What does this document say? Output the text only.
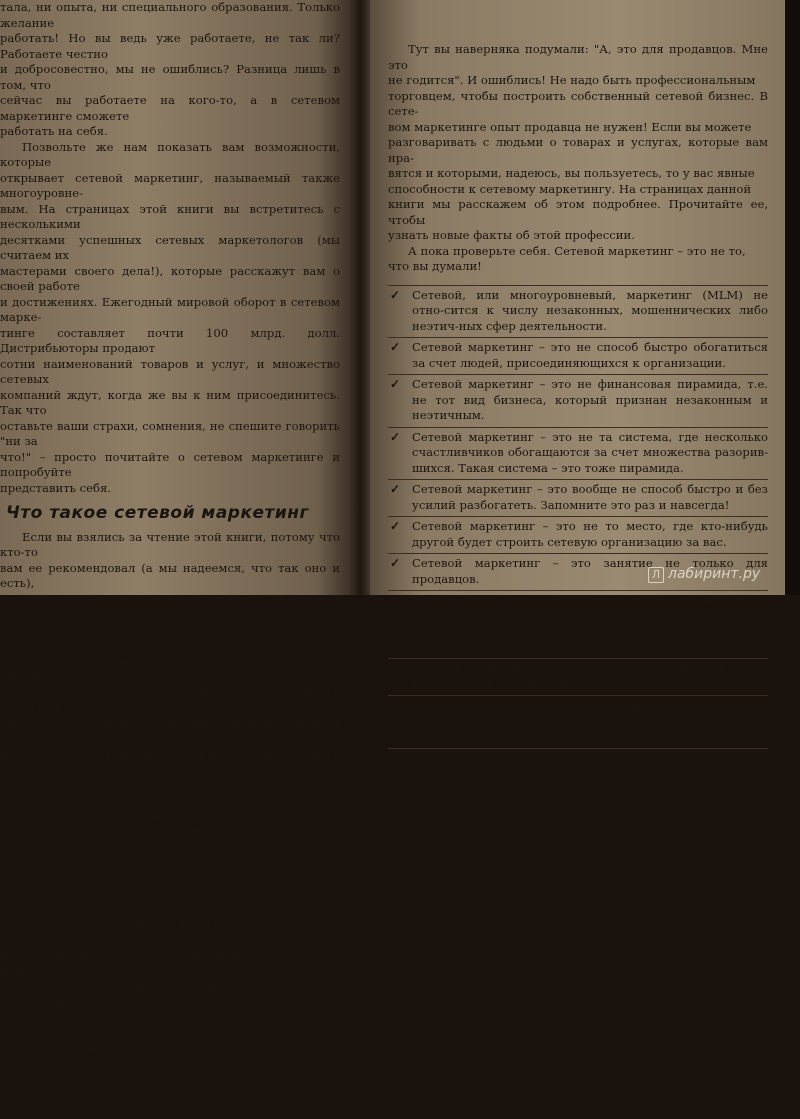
тала, ни опыта, ни специального образования. Только желание

работать! Но вы ведь уже работаете, не так ли? Работаете честно

и добросовестно, мы не ошиблись? Разница лишь в том, что

сейчас вы работаете на кого-то, а в сетевом маркетинге сможете

работать на себя.

Позвольте же нам показать вам возможности, которые

открывает сетевой маркетинг, называемый также многоуровне-

вым. На страницах этой книги вы встретитесь с несколькими

десятками успешных сетевых маркетологов (мы считаем их

мастерами своего дела!), которые расскажут вам о своей работе

и достижениях. Ежегодный мировой оборот в сетевом марке-

тинге составляет почти 100 млрд. долл. Дистрибьюторы продают

сотни наименований товаров и услуг, и множество сетевых

компаний ждут, когда же вы к ним присоединитесь. Так что

оставьте ваши страхи, сомнения, не спешите говорить "ни за

что!" – просто почитайте о сетевом маркетинге и попробуйте

представить себя.

Что такое сетевой маркетинг

Если вы взялись за чтение этой книги, потому что кто-то

вам ее рекомендовал (а мы надеемся, что так оно и есть),

то это – сетевой маркетинг. Если вы потом посоветуете про-

честь ее кому-то из своих знакомых (нам очень этого хотелось

бы) – это тоже сетевой маркетинг. Можно сказать, что вы занимае-

тесь сетевым маркетингом всякий раз, когда делитесь с другими

своим удовлетворением или, напротив, недовольством по пово-

ду тех или иных товаров, услуг или событий. А теперь пред-

ставьте, что за это вам платят, – это и есть профессиональный

сетевой маркетинг и тема нашей книги!

А вот вам точное определение. Сетевой маркетинг –

это система распространения товаров и услуг через сеть незави-

симых продавцов, или дистрибьюторов (реализаторов). Дис-

трибьюторы зарабатывают деньги за счет продажи товаров

и услуг и/или набора (рекрутирования) и обучения новых дис-

трибьюторов, которые становятся членами их собственной ор-

ганизации – нисходящей линии (даунлайна). В последнем случае

дистрибьюторы называются также спонсорами, и они получают

комиссионные или бонусы от продаж, осуществляемых члена-

ми их организации.

Тут вы наверняка подумали: "А, это для продавцов. Мне это

не годится". И ошиблись! Не надо быть профессиональным

торговцем, чтобы построить собственный сетевой бизнес. В сете-

вом маркетинге опыт продавца не нужен! Если вы можете

разговаривать с людьми о товарах и услугах, которые вам нра-

вятся и которыми, надеюсь, вы пользуетесь, то у вас явные

способности к сетевому маркетингу. На страницах данной

книги мы расскажем об этом подробнее. Прочитайте ее, чтобы

узнать новые факты об этой профессии.

А пока проверьте себя. Сетевой маркетинг – это не то,

что вы думали!

✓	Сетевой, или многоуровневый, маркетинг (MLM) не отно-сится к числу незаконных, мошеннических либо неэтич-ных сфер деятельности.
✓	Сетевой маркетинг – это не способ быстро обогатиться за счет людей, присоединяющихся к организации.
✓	Сетевой маркетинг – это не финансовая пирамида, т.е. не тот вид бизнеса, который признан незаконным и неэтичным.
✓	Сетевой маркетинг – это не та система, где несколько счастливчиков обогащаются за счет множества разорив-шихся. Такая система – это тоже пирамида.
✓	Сетевой маркетинг – это вообще не способ быстро и без усилий разбогатеть. Запомните это раз и навсегда!
✓	Сетевой маркетинг – это не то место, где кто-нибудь другой будет строить сетевую организацию за вас.
✓	Сетевой маркетинг – это занятие не только для продавцов.
✓	Сетевой маркетинг – не слишком дорогое удовольствие. В отличие от обычного бизнеса, сетевой бизнес можно на-чать с небольшим стартовым капиталом, максимум в 500 долл., а обычно даже меньше 100 долл.
✓	Сетевой маркетинг – это не способ для компаний прода-вать свои товары дистрибьюторам.
✓	Сетевой маркетинг – это не распространение товаров, ко-торые никому не нужны или которыми никто не пользуется.
Л лабиринт.ру
